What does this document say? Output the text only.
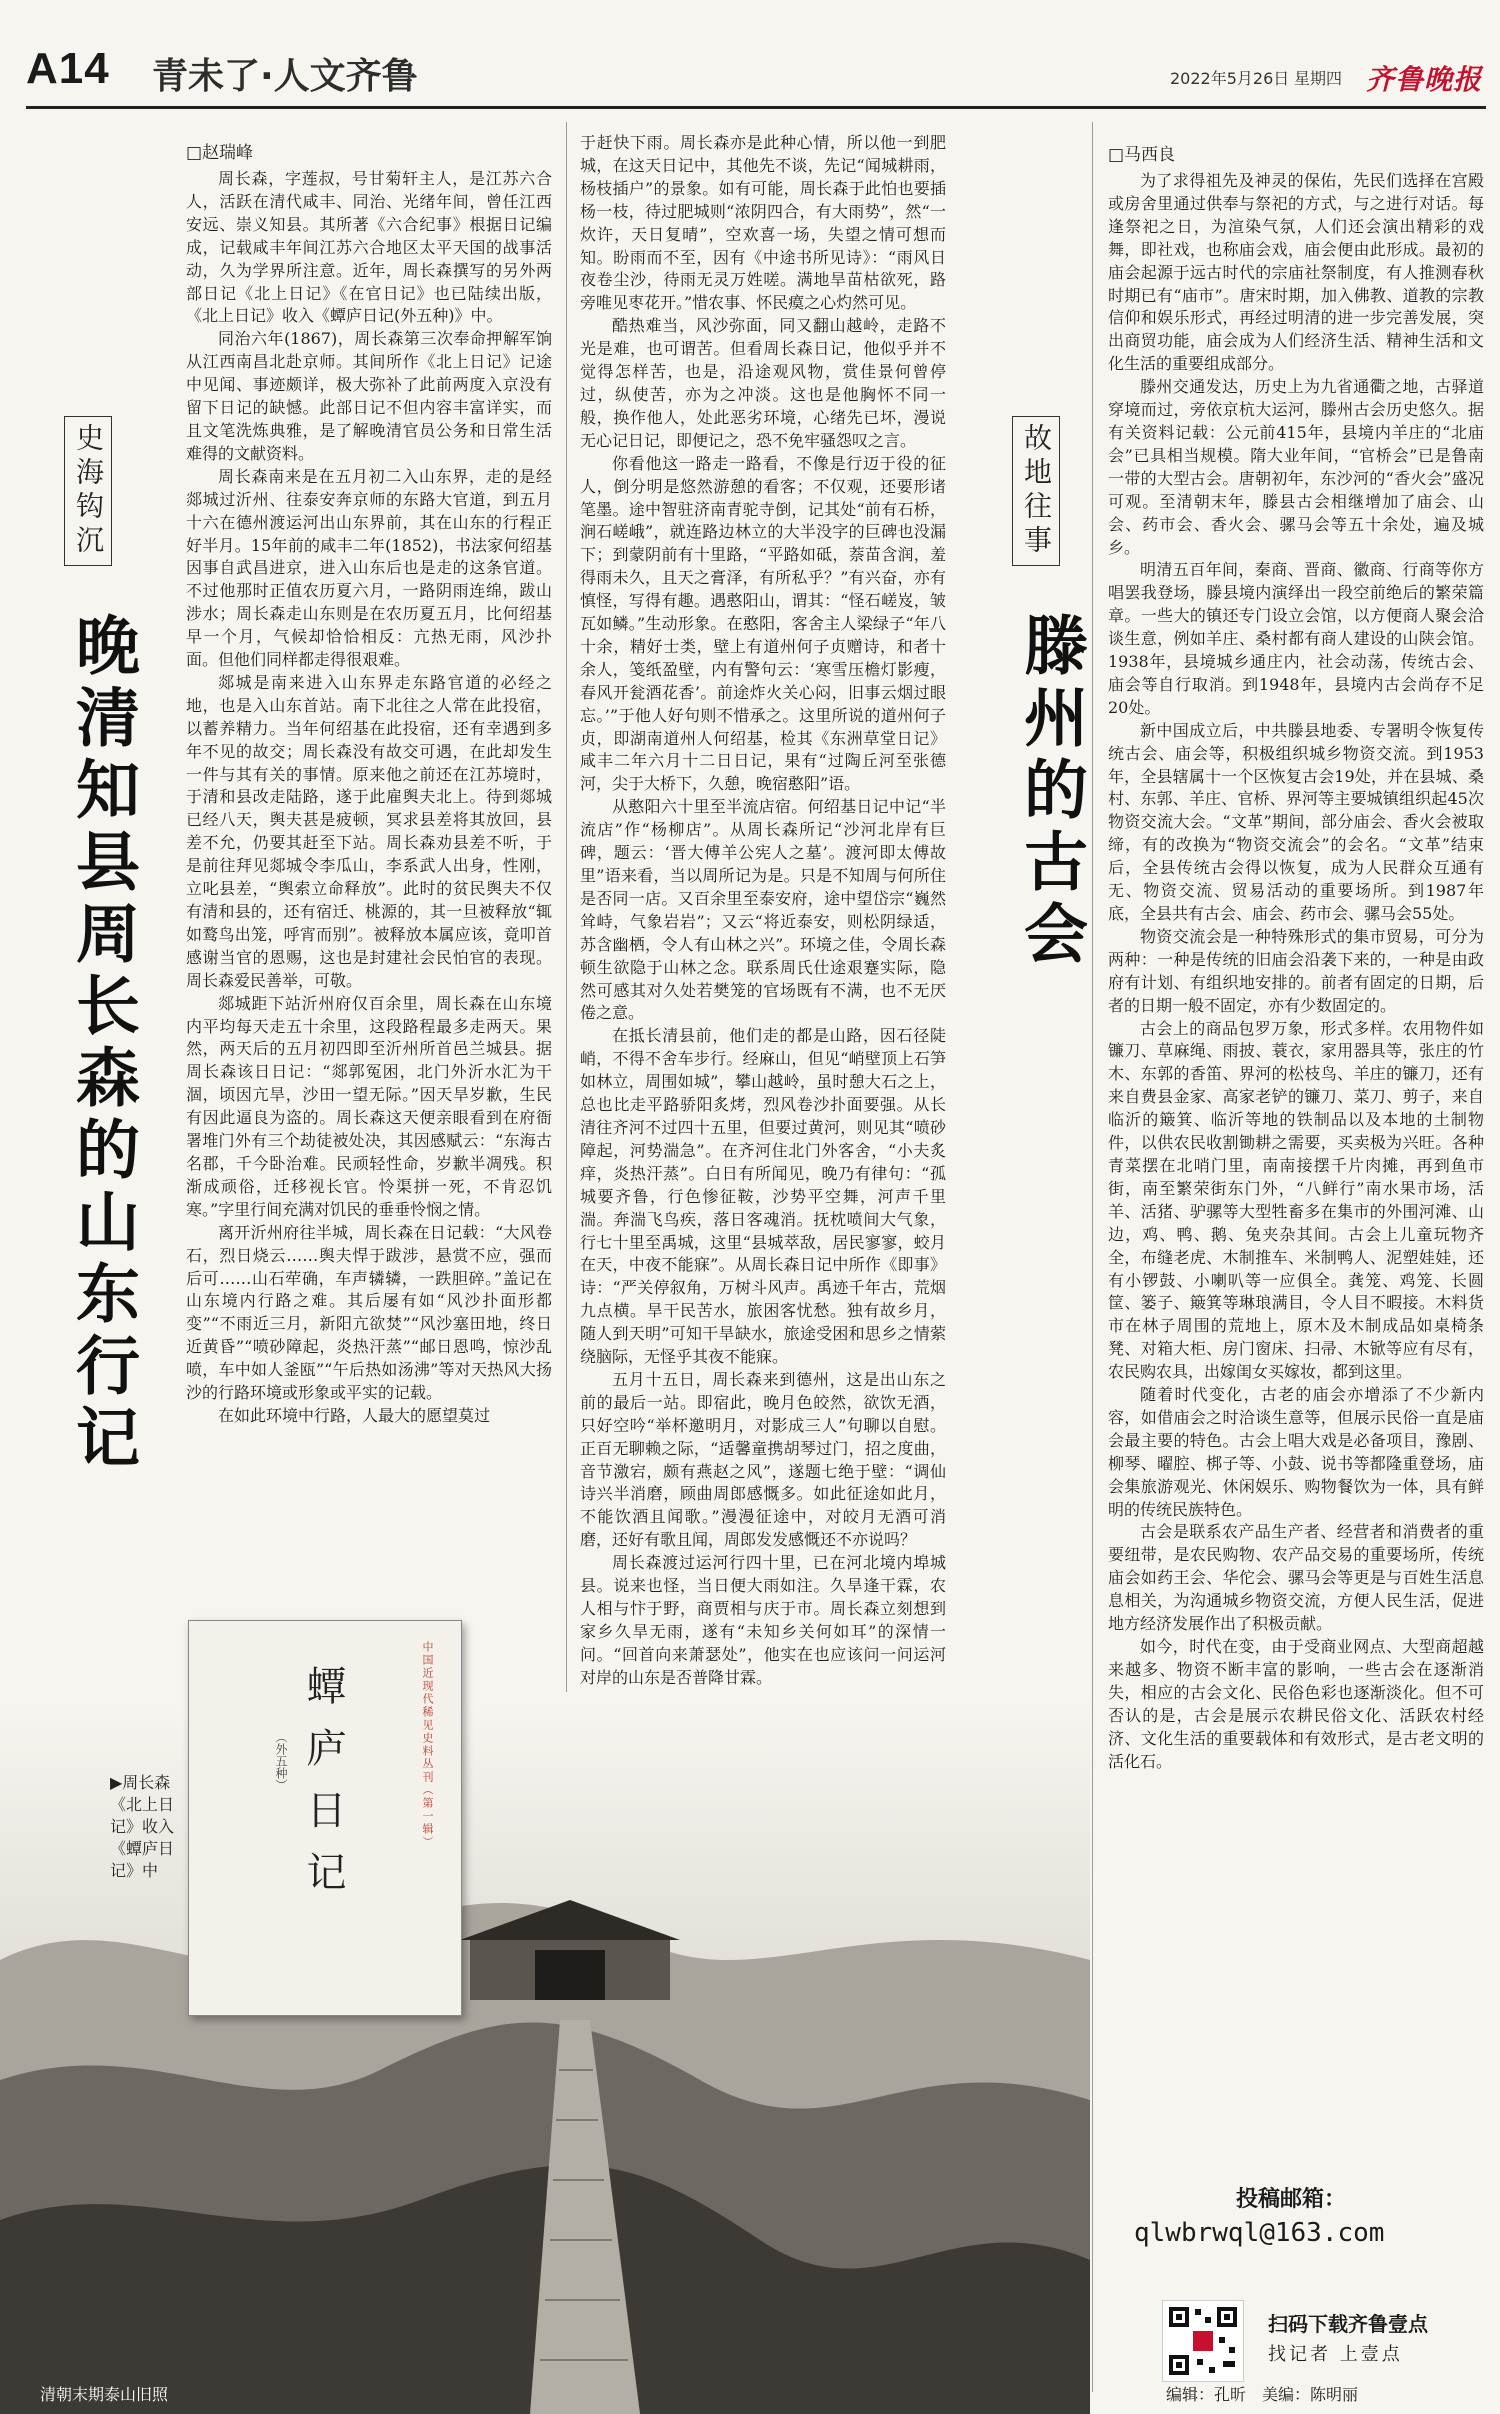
A14 青未了·人文齐鲁	2022年5月26日 星期四 齐鲁晚报
史海钩沉
晚清知县周长森的山东行记
□赵瑞峰

周长森，字莲叔，号甘菊轩主人，是江苏六合人，活跃在清代咸丰、同治、光绪年间，曾任江西安远、崇义知县。其所著《六合纪事》根据日记编成，记载咸丰年间江苏六合地区太平天国的战事活动，久为学界所注意。近年，周长森撰写的另外两部日记《北上日记》《在官日记》也已陆续出版，《北上日记》收入《蟫庐日记(外五种)》中。

同治六年(1867)，周长森第三次奉命押解军饷从江西南昌北赴京师。其间所作《北上日记》记途中见闻、事迹颇详，极大弥补了此前两度入京没有留下日记的缺憾。此部日记不但内容丰富详实，而且文笔洗炼典雅，是了解晚清官员公务和日常生活难得的文献资料。

周长森南来是在五月初二入山东界，走的是经郯城过沂州、往泰安奔京师的东路大官道，到五月十六在德州渡运河出山东界前，其在山东的行程正好半月。15年前的咸丰二年(1852)，书法家何绍基因事自武昌进京，进入山东后也是走的这条官道。不过他那时正值农历夏六月，一路阴雨连绵，跋山涉水；周长森走山东则是在农历夏五月，比何绍基早一个月，气候却恰恰相反：亢热无雨，风沙扑面。但他们同样都走得很艰难。

郯城是南来进入山东界走东路官道的必经之地，也是入山东首站。南下北往之人常在此投宿，以蓄养精力。当年何绍基在此投宿，还有幸遇到多年不见的故交；周长森没有故交可遇，在此却发生一件与其有关的事情。原来他之前还在江苏境时，于清和县改走陆路，遂于此雇舆夫北上。待到郯城已经八天，舆夫甚是疲顿，冥求县差将其放回，县差不允，仍要其赶至下站。周长森劝县差不听，于是前往拜见郯城令李瓜山，李系武人出身，性刚，立叱县差，“舆索立命释放”。此时的贫民舆夫不仅有清和县的，还有宿迁、桃源的，其一旦被释放“辄如鹜鸟出笼，呼宵而别”。被释放本属应该，竟叩首感谢当官的恩赐，这也是封建社会民怕官的表现。周长森爱民善举，可敬。

郯城距下站沂州府仅百余里，周长森在山东境内平均每天走五十余里，这段路程最多走两天。果然，两天后的五月初四即至沂州所首邑兰城县。据周长森该日日记：“郯郭冤困，北门外沂水汇为干涸，顷因亢旱，沙田一望无际。”因天旱岁歉，生民有因此逼良为盗的。周长森这天便亲眼看到在府衙署堆门外有三个劫徒被处决，其因感赋云：“东海古名郡，千今卧治难。民顽轻性命，岁歉半凋残。积渐成顽俗，迁移视长官。怜渠拼一死，不肯忍饥寒。”字里行间充满对饥民的垂垂怜悯之情。

离开沂州府往半城，周长森在日记载：“大风卷石，烈日烧云……舆夫悍于跋涉，悬赏不应，强而后可……山石荦确，车声辚辚，一跌胆碎。”盖记在山东境内行路之难。其后屡有如“风沙扑面形都变”“不雨近三月，新阳亢欲焚”“风沙塞田地，终日近黄昏”“喷砂障起，炎热汗蒸”“邮日恩鸣，惊沙乱喷，车中如人釜瓯”“午后热如汤沸”等对天热风大扬沙的行路环境或形象或平实的记载。

在如此环境中行路，人最大的愿望莫过

于赶快下雨。周长森亦是此种心情，所以他一到肥城，在这天日记中，其他先不谈，先记“闻城耕雨，杨枝插户”的景象。如有可能，周长森于此怕也要插杨一枝，待过肥城则“浓阴四合，有大雨势”，然“一炊许，天日复晴”，空欢喜一场，失望之情可想而知。盼雨而不至，因有《中途书所见诗》：“雨风日夜卷尘沙，待雨无灵万姓嗟。满地旱苗枯欲死，路旁唯见枣花开。”惜农事、怀民瘼之心灼然可见。

酷热难当，风沙弥面，同又翻山越岭，走路不光是难，也可谓苦。但看周长森日记，他似乎并不觉得怎样苦，也是，沿途观风物，赏佳景何曾停过，纵使苦，亦为之冲淡。这也是他胸怀不同一般，换作他人，处此恶劣环境，心绪先已坏，漫说无心记日记，即便记之，恐不免牢骚怨叹之言。

你看他这一路走一路看，不像是行迈于役的征人，倒分明是悠然游憩的看客；不仅观，还要形诸笔墨。途中智驻济南青驼寺倒，记其处“前有石桥，涧石嵯峨”，就连路边林立的大半没字的巨碑也没漏下；到蒙阴前有十里路，“平路如砥，萘苗含润，羞得雨未久，且天之膏泽，有所私乎？”有兴奋，亦有慎怪，写得有趣。遇憨阳山，谓其：“怪石嵯岌，皱瓦如鳞。”生动形象。在憨阳，客舍主人梁绿子“年八十余，精好士类，壁上有道州何子贞赠诗，和者十余人，笺纸盈壁，内有警句云：‘寒雪压檐灯影瘦，春风开瓮酒花香’。前途炸火关心闷，旧事云烟过眼忘。’”于他人好句则不惜承之。这里所说的道州何子贞，即湖南道州人何绍基，检其《东洲草堂日记》咸丰二年六月十二日日记，果有“过陶丘河至张德河，尖于大桥下，久憩，晚宿憨阳”语。

从憨阳六十里至半流店宿。何绍基日记中记“半流店”作“杨柳店”。从周长森所记“沙河北岸有巨碑，题云：‘晋大傅羊公宪人之墓’。渡河即太傅故里”语来看，当以周所记为是。只是不知周与何所住是否同一店。又百余里至泰安府，途中望岱宗“巍然耸峙，气象岩岩”；又云“将近泰安，则松阴绿适，苏含幽栖，令人有山林之兴”。环境之佳，令周长森顿生欲隐于山林之念。联系周氏仕途艰蹇实际，隐然可感其对久处若樊笼的官场既有不满，也不无厌倦之意。

在抵长清县前，他们走的都是山路，因石径陡峭，不得不舍车步行。经麻山，但见“峭壁顶上石笋如林立，周围如城”，攀山越岭，虽时憩大石之上，总也比走平路骄阳炙烤，烈风卷沙扑面要强。从长清往齐河不过四十五里，但要过黄河，则见其“喷砂障起，河势湍急”。在齐河住北门外客舍，“小夫炙痒，炎热汗蒸”。白日有所闻见，晚乃有律句：“孤城要齐鲁，行色惨征鞍，沙势平空舞，河声千里湍。奔湍飞鸟疾，落日客魂消。抚枕喷间大气象，行七十里至禹城，这里“县城萃敌，居民寥寥，蛟月在天，中夜不能寐”。从周长森日记中所作《即事》诗：“严关停叙角，万树斗风声。禹迹千年古，荒烟九点横。旱干民苦水，旅困客忧愁。独有故乡月，随人到天明”可知干旱缺水，旅途受困和思乡之情萦绕脑际，无怪乎其夜不能寐。

五月十五日，周长森来到德州，这是出山东之前的最后一站。即宿此，晚月色皎然，欲饮无酒，只好空吟“举杯邀明月，对影成三人”句聊以自慰。正百无聊赖之际，“适馨童携胡琴过门，招之度曲，音节激宕，颇有燕赵之风”，遂题七绝于壁：“调仙诗兴半消磨，顾曲周郎感慨多。如此征途如此月，不能饮酒且闻歌。”漫漫征途中，对皎月无酒可消磨，还好有歌且闻，周郎发发感慨还不亦说吗？

周长森渡过运河行四十里，已在河北境内埠城县。说来也怪，当日便大雨如注。久旱逢干霖，农人相与忭于野，商贾相与庆于市。周长森立刻想到家乡久旱无雨，遂有“未知乡关何如耳”的深情一问。“回首向来萧瑟处”，他实在也应该问一问运河对岸的山东是否普降甘霖。

蟫庐日记
（外五种）	中国近现代稀见史料丛刊（第一辑）
▶周长森《北上日记》收入《蟫庐日记》中
清朝末期泰山旧照
□马西良
故地往事
滕州的古会

为了求得祖先及神灵的保佑，先民们选择在宫殿或房舍里通过供奉与祭祀的方式，与之进行对话。每逢祭祀之日，为渲染气氛，人们还会演出精彩的戏舞，即社戏，也称庙会戏，庙会便由此形成。最初的庙会起源于远古时代的宗庙社祭制度，有人推测春秋时期已有“庙市”。唐宋时期，加入佛教、道教的宗教信仰和娱乐形式，再经过明清的进一步完善发展，突出商贸功能，庙会成为人们经济生活、精神生活和文化生活的重要组成部分。

滕州交通发达，历史上为九省通衢之地，古驿道穿境而过，旁依京杭大运河，滕州古会历史悠久。据有关资料记载：公元前415年，县境内羊庄的“北庙会”已具相当规模。隋大业年间，“官桥会”已是鲁南一带的大型古会。唐朝初年，东沙河的“香火会”盛况可观。至清朝末年，滕县古会相继增加了庙会、山会、药市会、香火会、骡马会等五十余处，遍及城乡。

明清五百年间，秦商、晋商、徽商、行商等你方唱罢我登场，滕县境内演绎出一段空前绝后的繁荣篇章。一些大的镇还专门设立会馆，以方便商人聚会洽谈生意，例如羊庄、桑村都有商人建设的山陕会馆。1938年，县境城乡通庄内，社会动荡，传统古会、庙会等自行取消。到1948年，县境内古会尚存不足20处。

新中国成立后，中共滕县地委、专署明令恢复传统古会、庙会等，积极组织城乡物资交流。到1953年，全县辖属十一个区恢复古会19处，并在县城、桑村、东郭、羊庄、官桥、界河等主要城镇组织起45次物资交流大会。“文革”期间，部分庙会、香火会被取缔，有的改换为“物资交流会”的会名。“文革”结束后，全县传统古会得以恢复，成为人民群众互通有无、物资交流、贸易活动的重要场所。到1987年底，全县共有古会、庙会、药市会、骡马会55处。

物资交流会是一种特殊形式的集市贸易，可分为两种：一种是传统的旧庙会沿袭下来的，一种是由政府有计划、有组织地安排的。前者有固定的日期，后者的日期一般不固定，亦有少数固定的。

古会上的商品包罗万象，形式多样。农用物件如镰刀、草麻绳、雨披、蓑衣，家用器具等，张庄的竹木、东郭的香笛、界河的松枝鸟、羊庄的镰刀，还有来自费县金家、高家老铲的镰刀、菜刀、剪子，来自临沂的簸箕、临沂等地的铁制品以及本地的土制物件，以供农民收割锄耕之需要，买卖极为兴旺。各种青菜摆在北哨门里，南南接摆千片肉摊，再到鱼市街，南至繁荣街东门外，“八鲜行”南水果市场，活羊、活猪、驴骡等大型牲畜多在集市的外围河滩、山边，鸡、鸭、鹅、兔夹杂其间。古会上儿童玩物齐全，布缝老虎、木制推车、米制鸭人、泥塑娃娃，还有小锣鼓、小喇叭等一应俱全。龚笼、鸡笼、长圆筐、篓子、簸箕等琳琅满目，令人目不暇接。木料货市在林子周围的荒地上，原木及木制成品如桌椅条凳、对箱大柜、房门窗床、扫帚、木锨等应有尽有，农民购农具，出嫁闺女买嫁妆，都到这里。

随着时代变化，古老的庙会亦增添了不少新内容，如借庙会之时洽谈生意等，但展示民俗一直是庙会最主要的特色。古会上唱大戏是必备项目，豫剧、柳琴、曜腔、梆子等、小鼓、说书等都隆重登场，庙会集旅游观光、休闲娱乐、购物餐饮为一体，具有鲜明的传统民族特色。

古会是联系农产品生产者、经营者和消费者的重要纽带，是农民购物、农产品交易的重要场所，传统庙会如药王会、华佗会、骡马会等更是与百姓生活息息相关，为沟通城乡物资交流，方便人民生活，促进地方经济发展作出了积极贡献。

如今，时代在变，由于受商业网点、大型商超越来越多、物资不断丰富的影响，一些古会在逐渐消失，相应的古会文化、民俗色彩也逐渐淡化。但不可否认的是，古会是展示农耕民俗文化、活跃农村经济、文化生活的重要载体和有效形式，是古老文明的活化石。

投稿邮箱：
qlwbrwql@163.com
扫码下载齐鲁壹点
找记者 上壹点
编辑：孔昕　美编：陈明丽
